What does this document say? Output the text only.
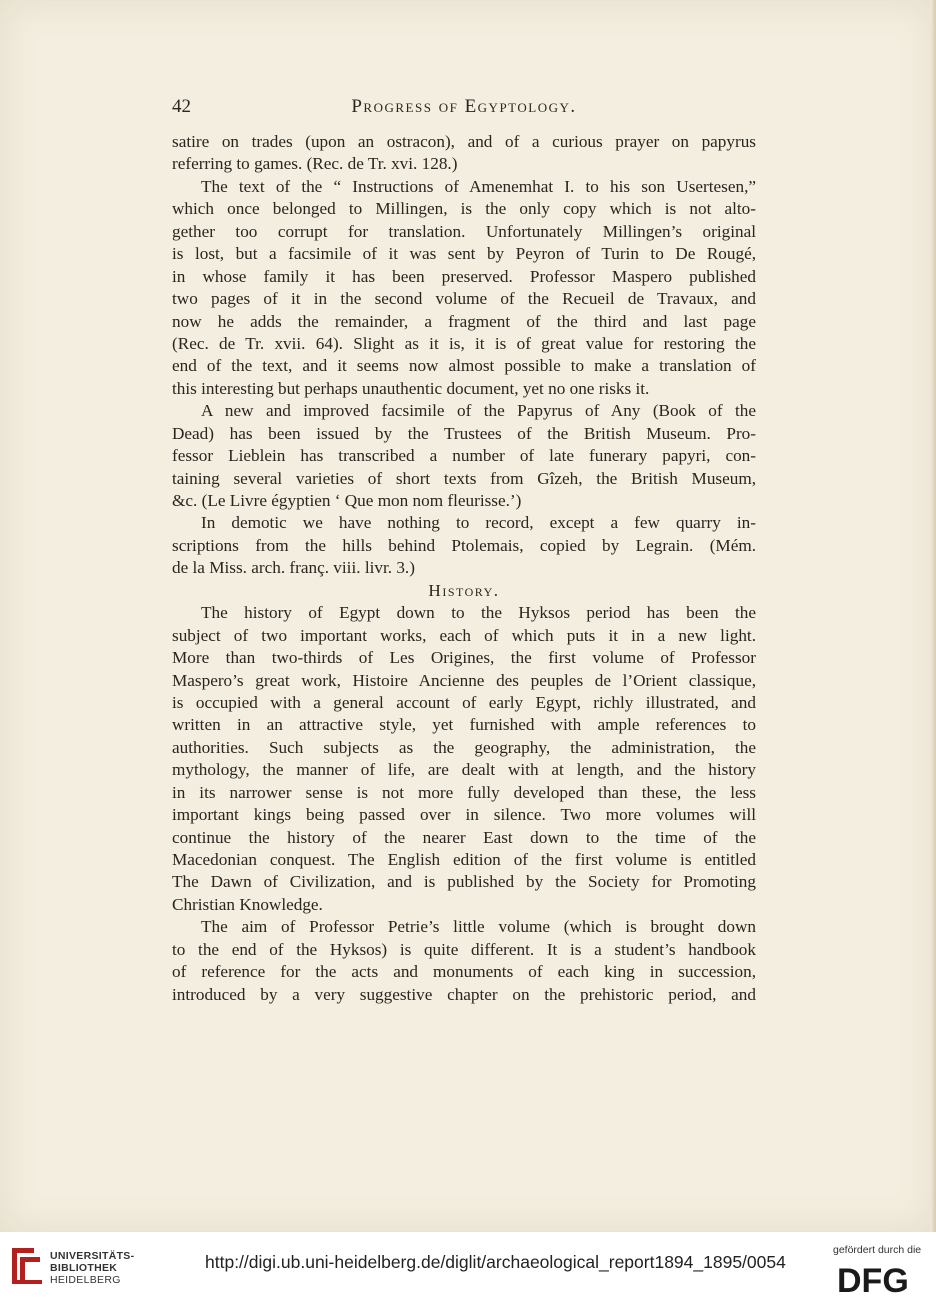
42	Progress of Egyptology.
satire on trades (upon an ostracon), and of a curious prayer on papyrus
referring to games. (Rec. de Tr. xvi. 128.)
The text of the “ Instructions of Amenemhat I. to his son Usertesen,”
which once belonged to Millingen, is the only copy which is not alto-
gether too corrupt for translation. Unfortunately Millingen’s original
is lost, but a facsimile of it was sent by Peyron of Turin to De Rougé,
in whose family it has been preserved. Professor Maspero published
two pages of it in the second volume of the Recueil de Travaux, and
now he adds the remainder, a fragment of the third and last page
(Rec. de Tr. xvii. 64). Slight as it is, it is of great value for restoring the
end of the text, and it seems now almost possible to make a translation of
this interesting but perhaps unauthentic document, yet no one risks it.
A new and improved facsimile of the Papyrus of Any (Book of the
Dead) has been issued by the Trustees of the British Museum. Pro-
fessor Lieblein has transcribed a number of late funerary papyri, con-
taining several varieties of short texts from Gîzeh, the British Museum,
&c. (Le Livre égyptien ‘ Que mon nom fleurisse.’)
In demotic we have nothing to record, except a few quarry in-
scriptions from the hills behind Ptolemais, copied by Legrain. (Mém.
de la Miss. arch. franç. viii. livr. 3.)
History.
The history of Egypt down to the Hyksos period has been the
subject of two important works, each of which puts it in a new light.
More than two-thirds of Les Origines, the first volume of Professor
Maspero’s great work, Histoire Ancienne des peuples de l’Orient classique,
is occupied with a general account of early Egypt, richly illustrated, and
written in an attractive style, yet furnished with ample references to
authorities. Such subjects as the geography, the administration, the
mythology, the manner of life, are dealt with at length, and the history
in its narrower sense is not more fully developed than these, the less
important kings being passed over in silence. Two more volumes will
continue the history of the nearer East down to the time of the
Macedonian conquest. The English edition of the first volume is entitled
The Dawn of Civilization, and is published by the Society for Promoting
Christian Knowledge.
The aim of Professor Petrie’s little volume (which is brought down
to the end of the Hyksos) is quite different. It is a student’s handbook
of reference for the acts and monuments of each king in succession,
introduced by a very suggestive chapter on the prehistoric period, and
UNIVERSITÄTS-
BIBLIOTHEK
HEIDELBERG
http://digi.ub.uni-heidelberg.de/diglit/archaeological_report1894_1895/0054
gefördert durch die
DFG
